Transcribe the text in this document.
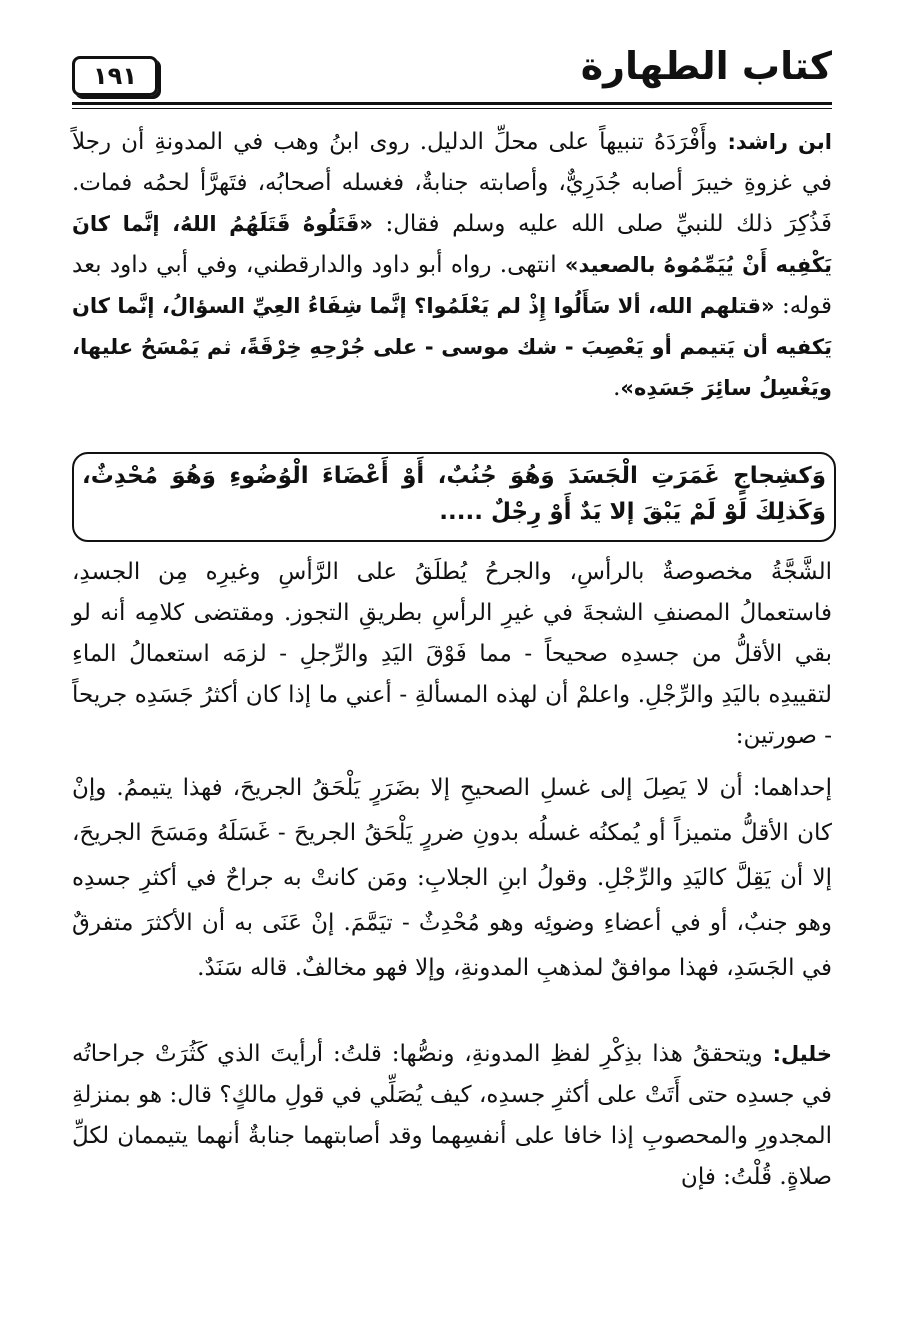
كتاب الطهارة
١٩١

ابن راشد: وأَفْرَدَهُ تنبيهاً على محلِّ الدليل. روى ابنُ وهب في المدونةِ أن رجلاً في غزوةِ خيبرَ أصابه جُدَرِيٌّ، وأصابته جنابةٌ، فغسله أصحابُه، فتَهرَّأ لحمُه فمات. فَذُكِرَ ذلك للنبيِّ صلى الله عليه وسلم فقال: «قَتَلُوهُ قَتَلَهُمُ اللهُ، إنَّما كانَ يَكْفِيه أَنْ يُيَمِّمُوهُ بالصعيد» انتهى. رواه أبو داود والدارقطني، وفي أبي داود بعد قوله: «قتلهم الله، ألا سَأَلُوا إِذْ لم يَعْلَمُوا؟ إنَّما شِفَاءُ العِيِّ السؤالُ، إنَّما كان يَكفيه أن يَتيمم أو يَعْصِبَ - شك موسى - على جُرْحِهِ خِرْقَةً، ثم يَمْسَحُ عليها، ويَغْسِلُ سائِرَ جَسَدِه».

وَكشِجاجٍ غَمَرَتِ الْجَسَدَ وَهُوَ جُنُبٌ، أَوْ أَعْضَاءَ الْوُضُوءِ وَهُوَ مُحْدِثٌ، وَكَذلِكَ لَوْ لَمْ يَبْقَ إلا يَدٌ أَوْ رِجْلٌ .....

الشَّجَّةُ مخصوصةٌ بالرأسِ، والجرحُ يُطلَقُ على الرَّأسِ وغيرِه مِن الجسدِ، فاستعمالُ المصنفِ الشجةَ في غيرِ الرأسِ بطريقِ التجوز. ومقتضى كلامِه أنه لو بقي الأقلُّ من جسدِه صحيحاً - مما فَوْقَ اليَدِ والرِّجلِ - لزمَه استعمالُ الماءِ لتقييدِه باليَدِ والرِّجْلِ. واعلمْ أن لهذه المسألةِ - أعني ما إذا كان أكثرُ جَسَدِه جريحاً - صورتين:

إحداهما: أن لا يَصِلَ إلى غسلِ الصحيحِ إلا بضَرَرٍ يَلْحَقُ الجريحَ، فهذا يتيممُ. وإنْ كان الأقلُّ متميزاً أو يُمكنُه غسلُه بدونِ ضررٍ يَلْحَقُ الجريحَ - غَسَلَهُ ومَسَحَ الجريحَ، إلا أن يَقِلَّ كاليَدِ والرِّجْلِ. وقولُ ابنِ الجلابِ: ومَن كانتْ به جراحٌ في أكثرِ جسدِه وهو جنبٌ، أو في أعضاءِ وضوئِه وهو مُحْدِثٌ - تيَمَّمَ. إنْ عَنَى به أن الأكثرَ متفرقٌ في الجَسَدِ، فهذا موافقٌ لمذهبِ المدونةِ، وإلا فهو مخالفٌ. قاله سَنَدٌ.

خليل: ويتحققُ هذا بذِكْرِ لفظِ المدونةِ، ونصُّها: قلتُ: أرأيتَ الذي كَثُرَتْ جراحاتُه في جسدِه حتى أَتَتْ على أكثرِ جسدِه، كيف يُصَلِّي في قولِ مالكٍ؟ قال: هو بمنزلةِ المجدورِ والمحصوبِ إذا خافا على أنفسِهما وقد أصابتهما جنابةٌ أنهما يتيممان لكلِّ صلاةٍ. قُلْتُ: فإن
